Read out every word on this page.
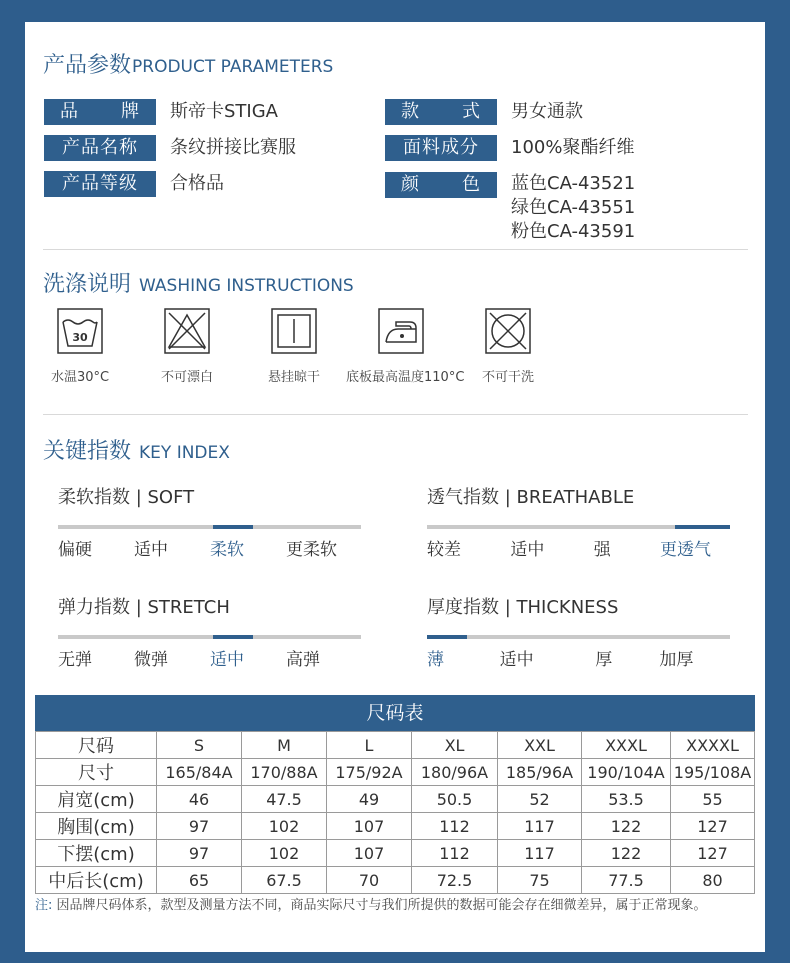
产品参数PRODUCT PARAMETERS
品 牌 斯帝卡STIGA
产品名称	条纹拼接比赛服
产品等级	合格品
款 式 男女通款
面料成分	100%聚酯纤维
颜 色 蓝色CA-43521
绿色CA-43551
粉色CA-43591
洗涤说明 WASHING INSTRUCTIONS
30
水温30°C	不可漂白	悬挂晾干	底板最高温度110°C	不可干洗
关键指数 KEY INDEX
柔软指数 | SOFT
偏硬	适中	柔软	更柔软
透气指数 | BREATHABLE
较差	适中	强	更透气
弹力指数 | STRETCH
无弹	微弹	适中	高弹
厚度指数 | THICKNESS
薄	适中	厚	加厚
尺码表
尺码	S	M	L	XL	XXL	XXXL	XXXXL
尺寸	165/84A	170/88A	175/92A	180/96A	185/96A	190/104A	195/108A
肩宽(cm)	46	47.5	49	50.5	52	53.5	55
胸围(cm)	97	102	107	112	117	122	127
下摆(cm)	97	102	107	112	117	122	127
中后长(cm)	65	67.5	70	72.5	75	77.5	80
注: 因品牌尺码体系，款型及测量方法不同，商品实际尺寸与我们所提供的数据可能会存在细微差异，属于正常现象。
